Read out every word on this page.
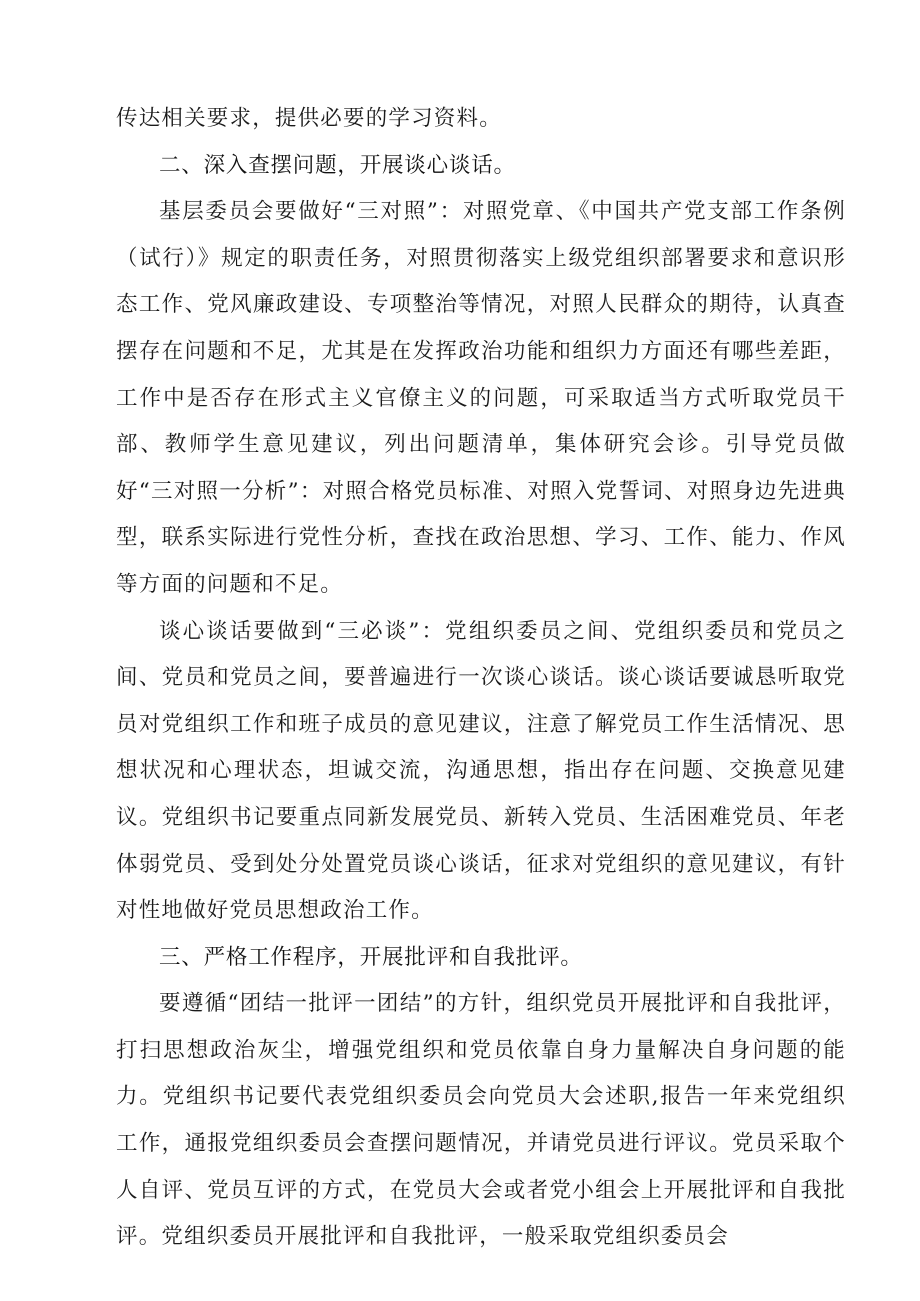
传达相关要求，提供必要的学习资料。

二、深入查摆问题，开展谈心谈话。

基层委员会要做好“三对照”：对照党章、《中国共产党支部工作条例（试行）》规定的职责任务，对照贯彻落实上级党组织部署要求和意识形态工作、党风廉政建设、专项整治等情况，对照人民群众的期待，认真查摆存在问题和不足，尤其是在发挥政治功能和组织力方面还有哪些差距，工作中是否存在形式主义官僚主义的问题，可采取适当方式听取党员干部、教师学生意见建议，列出问题清单，集体研究会诊。引导党员做好“三对照一分析”：对照合格党员标准、对照入党誓词、对照身边先进典型，联系实际进行党性分析，查找在政治思想、学习、工作、能力、作风等方面的问题和不足。

谈心谈话要做到“三必谈”：党组织委员之间、党组织委员和党员之间、党员和党员之间，要普遍进行一次谈心谈话。谈心谈话要诚恳听取党员对党组织工作和班子成员的意见建议，注意了解党员工作生活情况、思想状况和心理状态，坦诚交流，沟通思想，指出存在问题、交换意见建议。党组织书记要重点同新发展党员、新转入党员、生活困难党员、年老体弱党员、受到处分处置党员谈心谈话，征求对党组织的意见建议，有针对性地做好党员思想政治工作。

三、严格工作程序，开展批评和自我批评。

要遵循“团结一批评一团结”的方针，组织党员开展批评和自我批评，打扫思想政治灰尘，增强党组织和党员依靠自身力量解决自身问题的能力。党组织书记要代表党组织委员会向党员大会述职,报告一年来党组织工作，通报党组织委员会查摆问题情况，并请党员进行评议。党员采取个人自评、党员互评的方式，在党员大会或者党小组会上开展批评和自我批评。党组织委员开展批评和自我批评，一般采取党组织委员会
